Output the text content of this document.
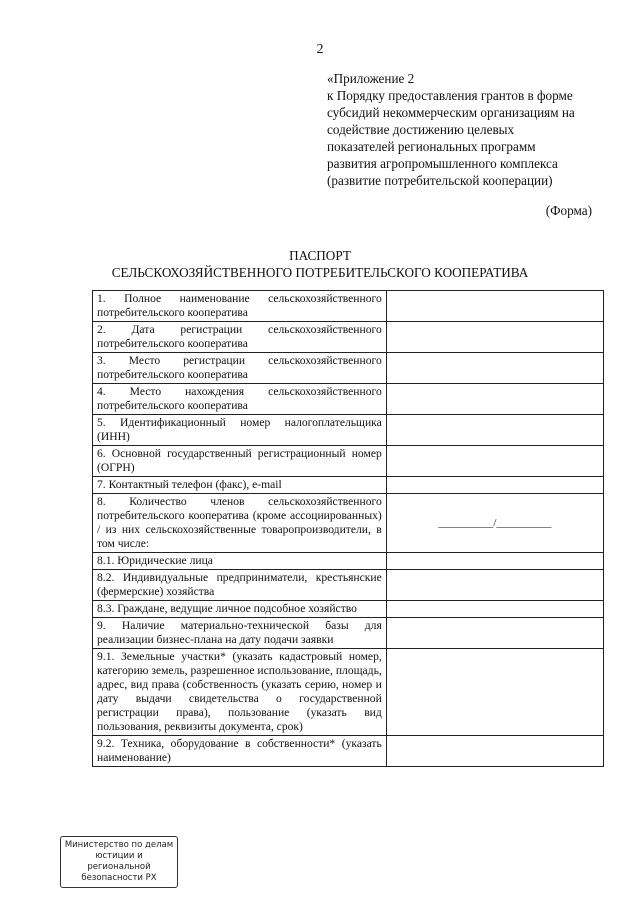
2
«Приложение 2
к Порядку предоставления грантов в форме
субсидий некоммерческим организациям на
содействие достижению целевых
показателей региональных программ
развития агропромышленного комплекса
(развитие потребительской кооперации)
(Форма)
ПАСПОРТ
СЕЛЬСКОХОЗЯЙСТВЕННОГО ПОТРЕБИТЕЛЬСКОГО КООПЕРАТИВА
1. Полное наименование сельскохозяйственного потребительского кооператива	
2. Дата регистрации сельскохозяйственного потребительского кооператива	
3. Место регистрации сельскохозяйственного потребительского кооператива	
4. Место нахождения сельскохозяйственного потребительского кооператива	
5. Идентификационный номер налогоплательщика (ИНН)	
6. Основной государственный регистрационный номер (ОГРН)	
7. Контактный телефон (факс), e-mail	
8. Количество членов сельскохозяйственного потребительского кооператива (кроме ассоциированных) / из них сельскохозяйственные товаропроизводители, в том числе:	__________/__________
8.1. Юридические лица	
8.2. Индивидуальные предприниматели, крестьянские (фермерские) хозяйства	
8.3. Граждане, ведущие личное подсобное хозяйство	
9. Наличие материально-технической базы для реализации бизнес-плана на дату подачи заявки	
9.1. Земельные участки* (указать кадастровый номер, категорию земель, разрешенное использование, площадь, адрес, вид права (собственность (указать серию, номер и дату выдачи свидетельства о государственной регистрации права), пользование (указать вид пользования, реквизиты документа, срок)	
9.2. Техника, оборудование в собственности* (указать наименование)	
Министерство по делам
юстиции и региональной
безопасности РХ
